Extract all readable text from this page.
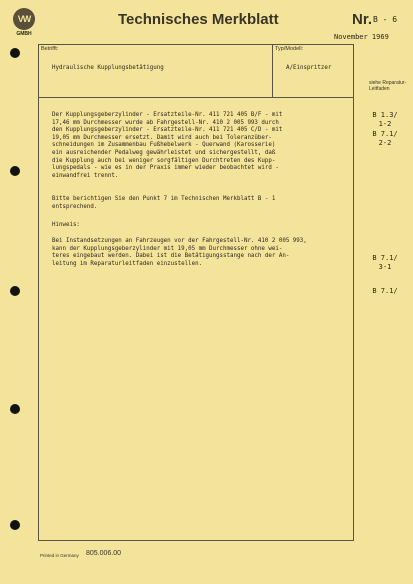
VW
GMBH
Technisches Merkblatt	Nr. B - 6
November 1969
Betrifft:
Hydraulische Kupplungsbetätigung
Typ/Modell:
A/Einspritzer
siehe Reparatur-Leitfaden
Der Kupplungsgeberzylinder - Ersatzteile-Nr. 411 721 405 B/F - mit
17,46 mm Durchmesser wurde ab Fahrgestell-Nr. 410 2 005 993 durch
den Kupplungsgeberzylinder - Ersatzteile-Nr. 411 721 405 C/D - mit
19,05 mm Durchmesser ersetzt. Damit wird auch bei Toleranzüber-
schneidungen im Zusammenbau Fußhebelwerk - Querwand (Karosserie)
ein ausreichender Pedalweg gewährleistet und sichergestellt, daß
die Kupplung auch bei weniger sorgfältigen Durchtreten des Kupp-
lungspedals - wie es in der Praxis immer wieder beobachtet wird -
einwandfrei trennt.
Bitte berichtigen Sie den Punkt 7 im Technischen Merkblatt B - 1
entsprechend.
Hinweis:
Bei Instandsetzungen an Fahrzeugen vor der Fahrgestell-Nr. 410 2 005 993,
kann der Kupplungsgeberzylinder mit 19,05 mm Durchmesser ohne wei-
teres eingebaut werden. Dabei ist die Betätigungsstange nach der An-
leitung im Reparaturleitfaden einzustellen.
B 1.3/
1-2
B 7.1/
2-2
B 7.1/
3-1
B 7.1/
Printed in Germany 805.006.00
